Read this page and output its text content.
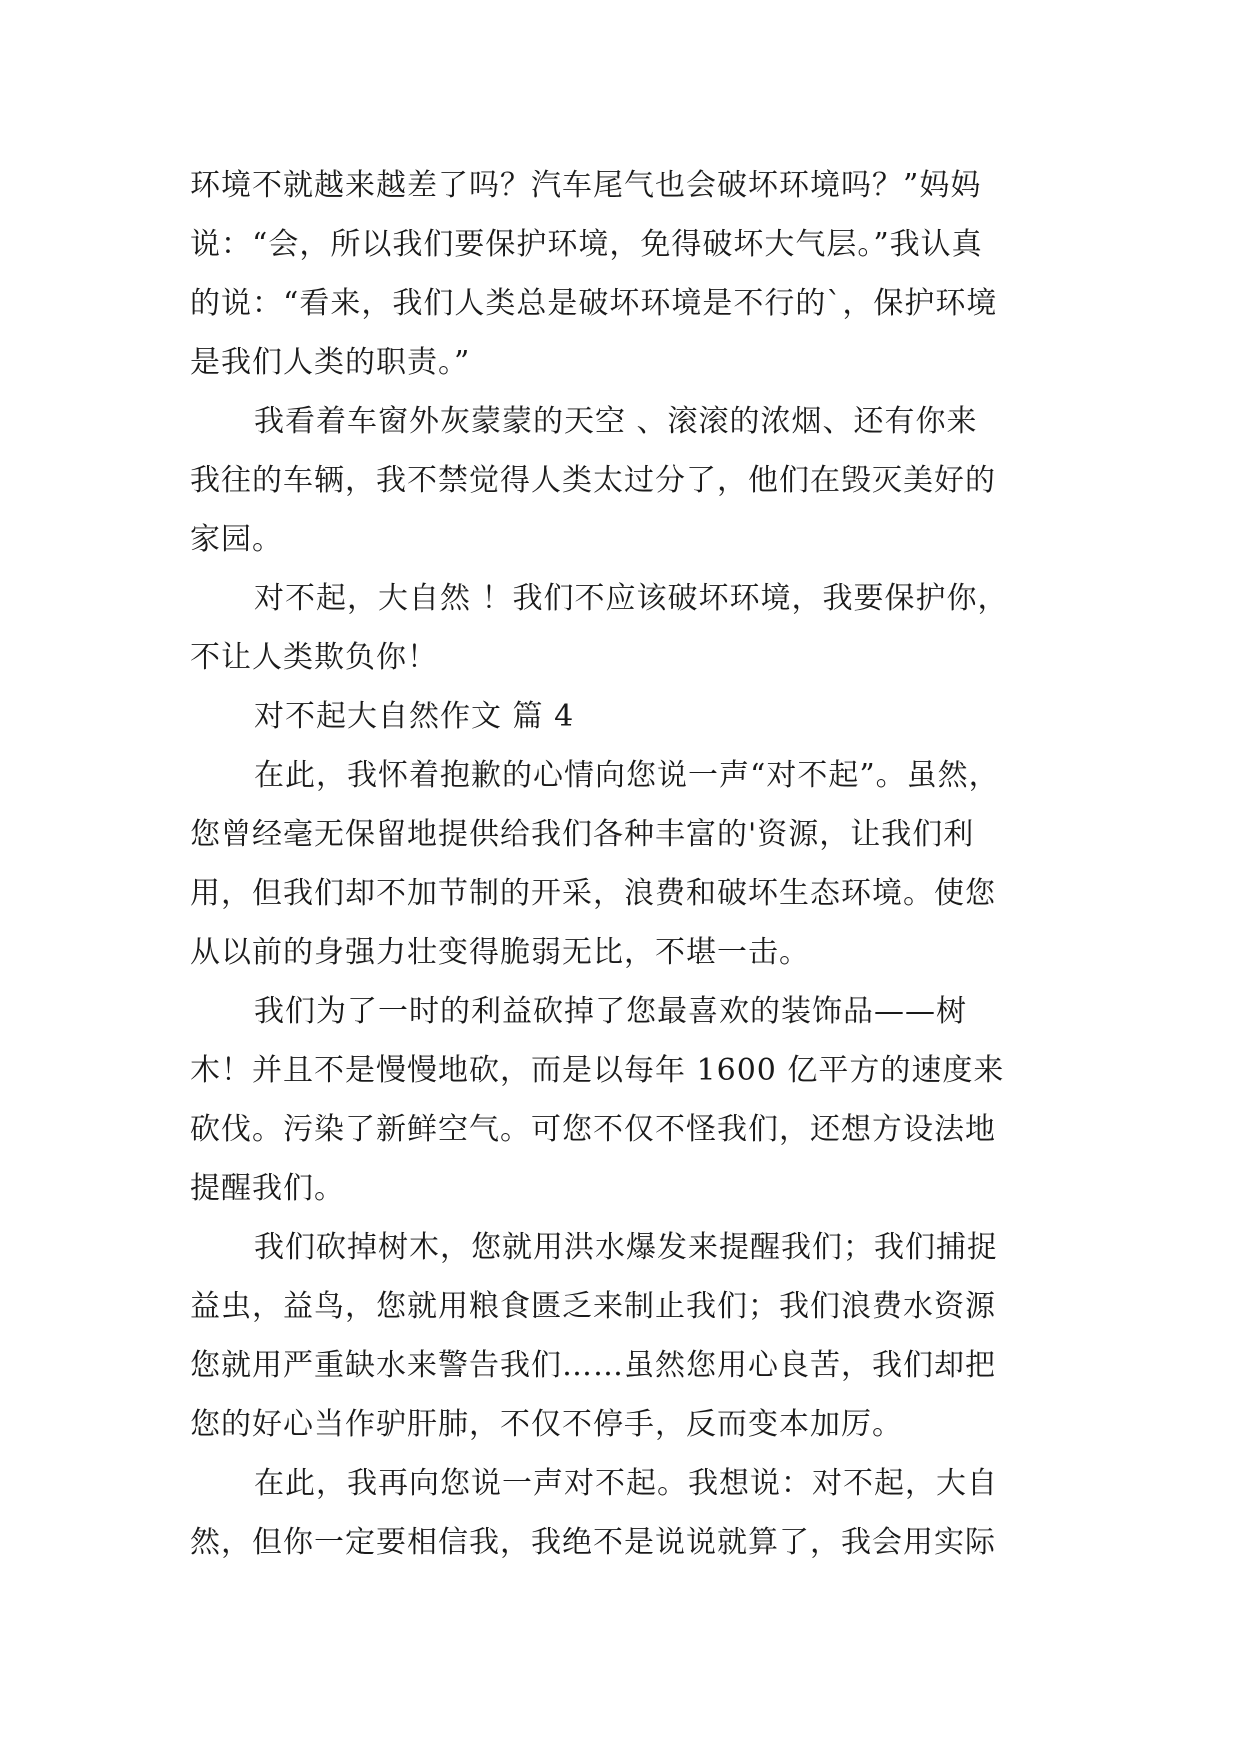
环境不就越来越差了吗？汽车尾气也会破坏环境吗？”妈妈
说：“会，所以我们要保护环境，免得破坏大气层。”我认真
的说：“看来，我们人类总是破坏环境是不行的`，保护环境
是我们人类的职责。”
我看着车窗外灰蒙蒙的天空 、滚滚的浓烟、还有你来
我往的车辆，我不禁觉得人类太过分了，他们在毁灭美好的
家园。
对不起，大自然 ！我们不应该破坏环境，我要保护你，
不让人类欺负你！
对不起大自然作文 篇 4
在此，我怀着抱歉的心情向您说一声“对不起”。虽然，
您曾经毫无保留地提供给我们各种丰富的'资源，让我们利
用，但我们却不加节制的开采，浪费和破坏生态环境。使您
从以前的身强力壮变得脆弱无比，不堪一击。
我们为了一时的利益砍掉了您最喜欢的装饰品——树
木！并且不是慢慢地砍，而是以每年 1600 亿平方的速度来
砍伐。污染了新鲜空气。可您不仅不怪我们，还想方设法地
提醒我们。
我们砍掉树木，您就用洪水爆发来提醒我们；我们捕捉
益虫，益鸟，您就用粮食匮乏来制止我们；我们浪费水资源
您就用严重缺水来警告我们……虽然您用心良苦，我们却把
您的好心当作驴肝肺，不仅不停手，反而变本加厉。
在此，我再向您说一声对不起。我想说：对不起，大自
然，但你一定要相信我，我绝不是说说就算了，我会用实际
